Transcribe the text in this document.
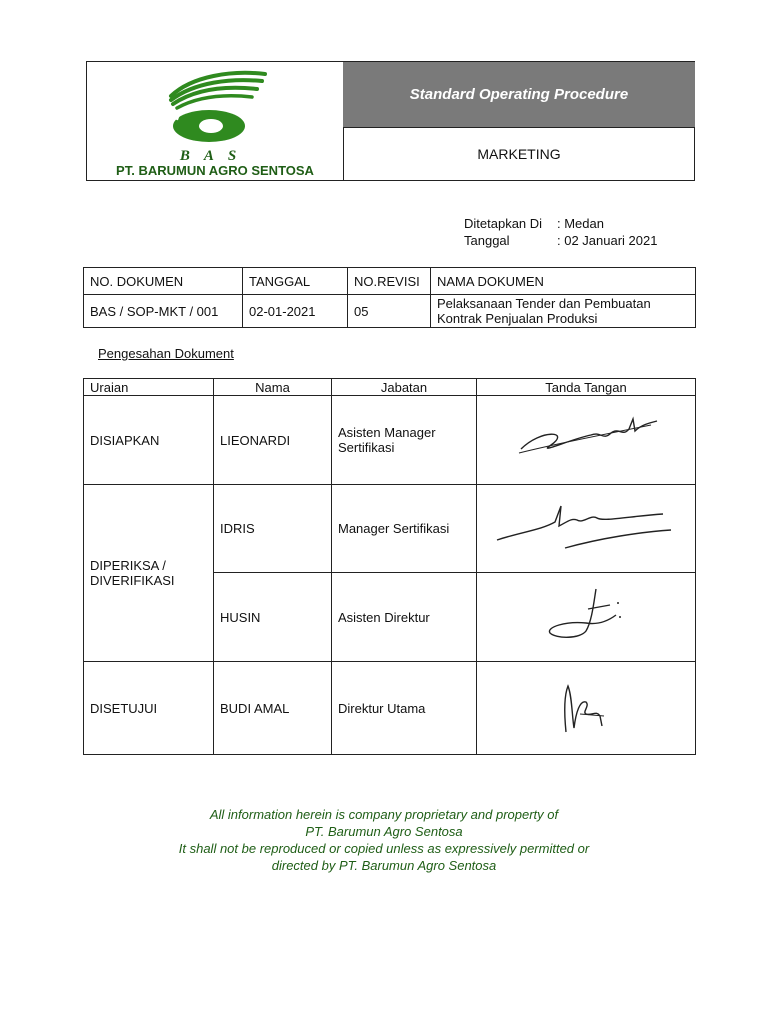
BAS
PT. BARUMUN AGRO SENTOSA
Standard Operating Procedure
MARKETING
Ditetapkan Di	: Medan
Tanggal	: 02 Januari 2021
NO. DOKUMEN	TANGGAL	NO.REVISI	NAMA DOKUMEN
BAS / SOP-MKT / 001	02-01-2021	05	Pelaksanaan Tender dan Pembuatan
Kontrak Penjualan Produksi
Pengesahan Dokument
Uraian	Nama	Jabatan	Tanda Tangan
DISIAPKAN	LIEONARDI	Asisten Manager
Sertifikasi

DIPERIKSA /
DIVERIFIKASI	IDRIS	Manager Sertifikasi	
	HUSIN	Asisten Direktur	
DISETUJUI	BUDI AMAL	Direktur Utama	
All information herein is company proprietary and property of
PT. Barumun Agro Sentosa
It shall not be reproduced or copied unless as expressively permitted or
directed by PT. Barumun Agro Sentosa
